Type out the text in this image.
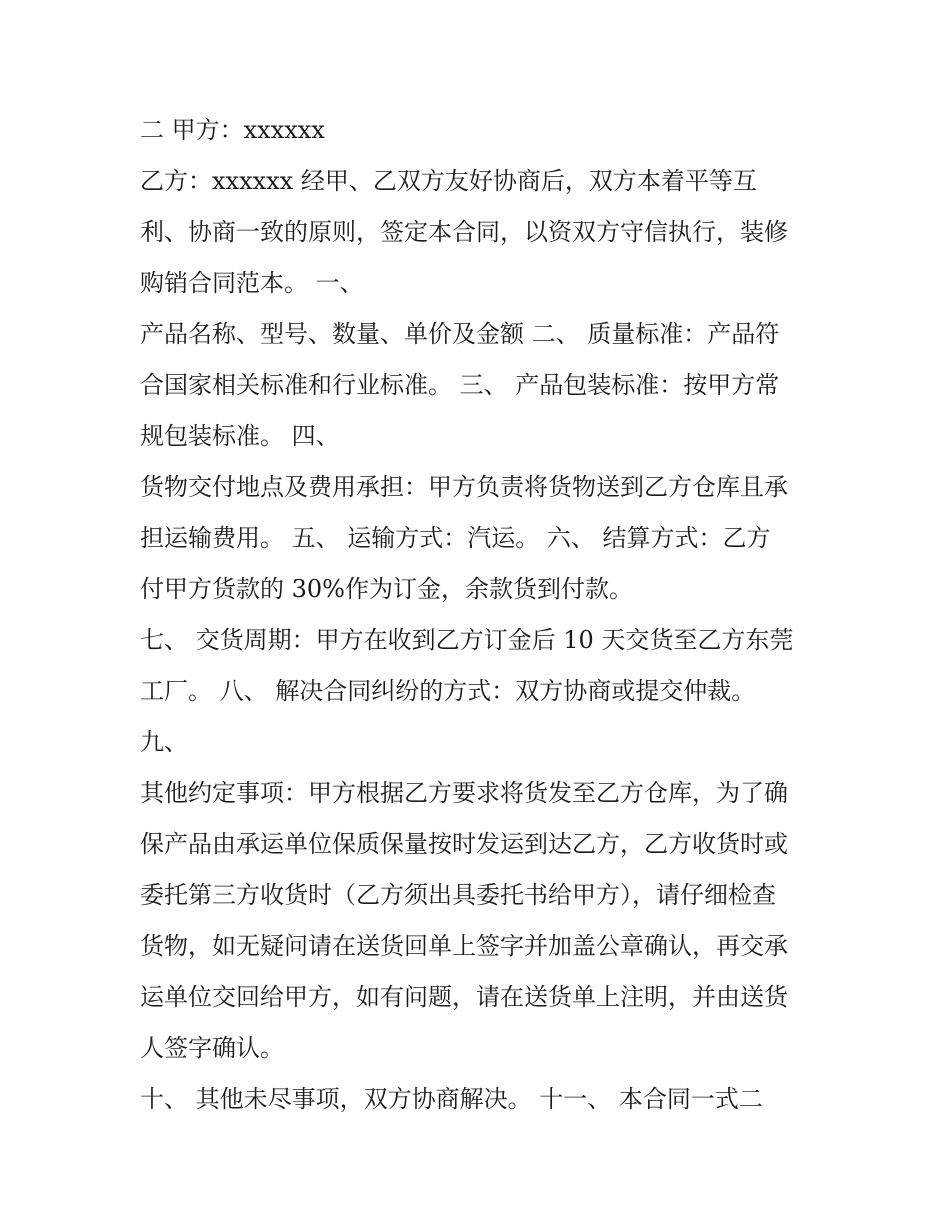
二 甲方：xxxxxx
乙方：xxxxxx 经甲、乙双方友好协商后，双方本着平等互
利、协商一致的原则，签定本合同，以资双方守信执行，装修
购销合同范本。 一、
产品名称、型号、数量、单价及金额 二、 质量标准：产品符
合国家相关标准和行业标准。 三、 产品包装标准：按甲方常
规包装标准。 四、
货物交付地点及费用承担：甲方负责将货物送到乙方仓库且承
担运输费用。 五、 运输方式：汽运。 六、 结算方式：乙方
付甲方货款的 30%作为订金，余款货到付款。
七、 交货周期：甲方在收到乙方订金后 10 天交货至乙方东莞
工厂。 八、 解决合同纠纷的方式：双方协商或提交仲裁。
九、
其他约定事项：甲方根据乙方要求将货发至乙方仓库，为了确
保产品由承运单位保质保量按时发运到达乙方，乙方收货时或
委托第三方收货时（乙方须出具委托书给甲方），请仔细检查
货物，如无疑问请在送货回单上签字并加盖公章确认，再交承
运单位交回给甲方，如有问题，请在送货单上注明，并由送货
人签字确认。
十、 其他未尽事项，双方协商解决。 十一、 本合同一式二
